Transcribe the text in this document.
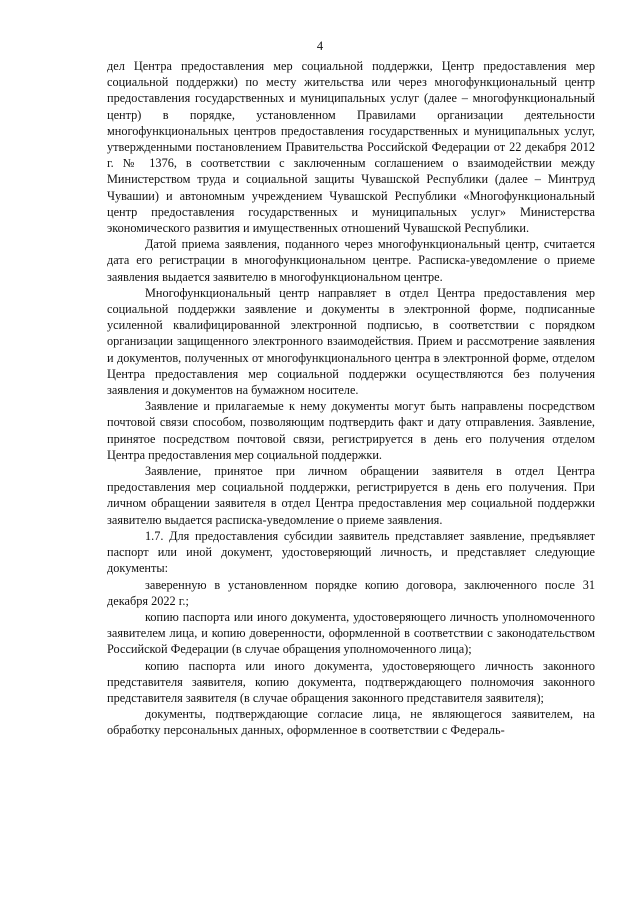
4

дел Центра предоставления мер социальной поддержки, Центр предоставления мер социальной поддержки) по месту жительства или через многофункциональный центр предоставления государственных и муниципальных услуг (далее – многофункциональный центр) в порядке, установленном Правилами организации деятельности многофункциональных центров предоставления государственных и муниципальных услуг, утвержденными постановлением Правительства Российской Федерации от 22 декабря 2012 г. № 1376, в соответствии с заключенным соглашением о взаимодействии между Министерством труда и социальной защиты Чувашской Республики (далее – Минтруд Чувашии) и автономным учреждением Чувашской Республики «Многофункциональный центр предоставления государственных и муниципальных услуг» Министерства экономического развития и имущественных отношений Чувашской Республики.

Датой приема заявления, поданного через многофункциональный центр, считается дата его регистрации в многофункциональном центре. Расписка-уведомление о приеме заявления выдается заявителю в многофункциональном центре.

Многофункциональный центр направляет в отдел Центра предоставления мер социальной поддержки заявление и документы в электронной форме, подписанные усиленной квалифицированной электронной подписью, в соответствии с порядком организации защищенного электронного взаимодействия. Прием и рассмотрение заявления и документов, полученных от многофункционального центра в электронной форме, отделом Центра предоставления мер социальной поддержки осуществляются без получения заявления и документов на бумажном носителе.

Заявление и прилагаемые к нему документы могут быть направлены посредством почтовой связи способом, позволяющим подтвердить факт и дату отправления. Заявление, принятое посредством почтовой связи, регистрируется в день его получения отделом Центра предоставления мер социальной поддержки.

Заявление, принятое при личном обращении заявителя в отдел Центра предоставления мер социальной поддержки, регистрируется в день его получения. При личном обращении заявителя в отдел Центра предоставления мер социальной поддержки заявителю выдается расписка-уведомление о приеме заявления.

1.7. Для предоставления субсидии заявитель представляет заявление, предъявляет паспорт или иной документ, удостоверяющий личность, и представляет следующие документы:

заверенную в установленном порядке копию договора, заключенного после 31 декабря 2022 г.;

копию паспорта или иного документа, удостоверяющего личность уполномоченного заявителем лица, и копию доверенности, оформленной в соответствии с законодательством Российской Федерации (в случае обращения уполномоченного лица);

копию паспорта или иного документа, удостоверяющего личность законного представителя заявителя, копию документа, подтверждающего полномочия законного представителя заявителя (в случае обращения законного представителя заявителя);

документы, подтверждающие согласие лица, не являющегося заявителем, на обработку персональных данных, оформленное в соответствии с Федераль-
